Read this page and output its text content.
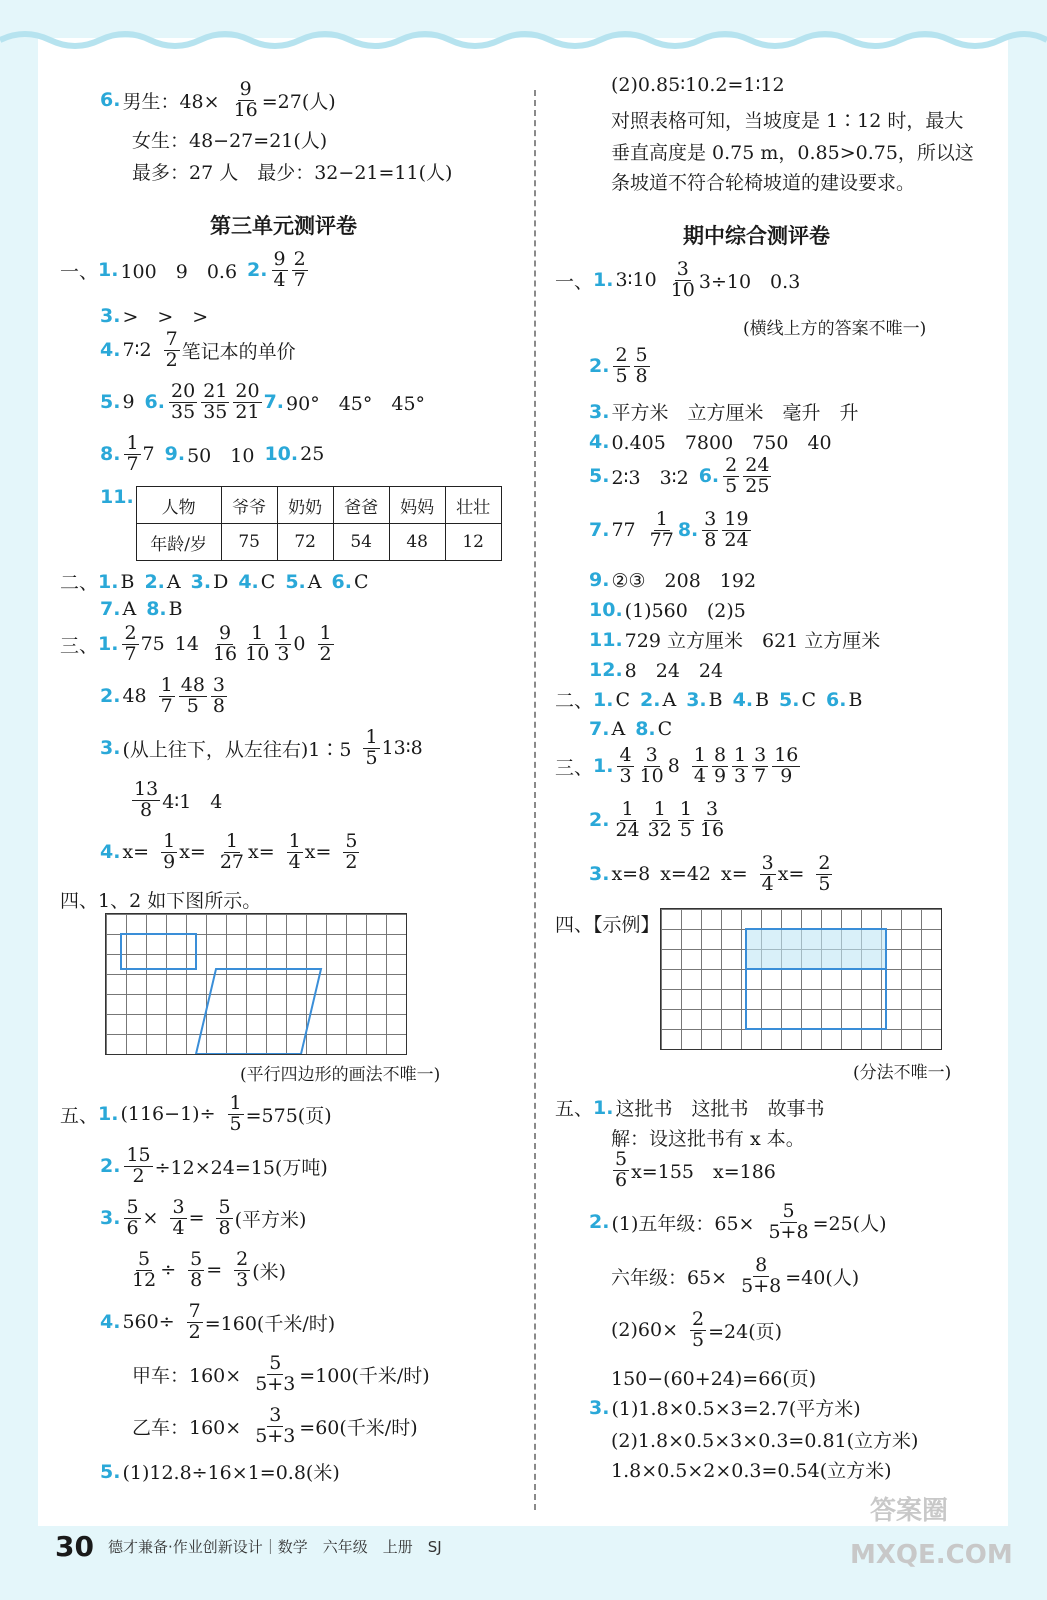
6. 男生：$48\times \frac{9}{16} =27$(人)
女生：48−27=21(人)
最多：27 人　最少：32−21=11(人)
第三单元测评卷
一、 1. 100　9　0.6 2. $\frac{9}{4} \frac{2}{7}$
3. >　>　>
4. 7∶2 $\frac{7}{2}$ 笔记本的单价
5. 9 6. $\frac{20}{35} \frac{21}{35} \frac{20}{21} 7$. 90°　45°　45°
8. $\frac{1}{7} 7$ 9. 50　10 10. 25
11. 人物	爷爷	奶奶	爸爸	妈妈	壮壮
年龄/岁	75	72	54	48	12
二、 1. B 2. A 3. D 4. C 5. A 6. C
7. A 8. B
三、 1. $\frac{2}{7} 75$ $14 \frac{9}{16} \frac{1}{10} \frac{1}{3} 0 \frac{1}{2}$
2. $48 \frac{1}{7} \frac{48}{5} \frac{3}{8}$
3. (从上往下，从左往右)1∶5 $\frac{1}{5}$ 13∶8
$\frac{13}{8}$ 4∶1　4
4. $x= \frac{1}{9} x= \frac{1}{27} x= \frac{1}{4} x= \frac{5}{2}$
四、1、2 如下图所示。
(平行四边形的画法不唯一)
五、 1. $(116-1)\div \frac{1}{5} =575$(页)
2. $\frac{15}{2} \div 12\times 24=15$(万吨)
3. $\frac{5}{6} \times \frac{3}{4} = \frac{5}{8}$ (平方米)
$\frac{5}{12} \div \frac{5}{8} = \frac{2}{3}$ (米)
4. $560\div \frac{7}{2} =160$(千米/时)
甲车：$160\times \frac{5}{5+3} =100$(千米/时)
乙车：$160\times \frac{3}{5+3} =60$(千米/时)
5. (1)12.8÷16×1=0.8(米)
(2)0.85∶10.2=1∶12
对照表格可知，当坡度是 1∶12 时，最大
垂直高度是 0.75 m，0.85>0.75，所以这
条坡道不符合轮椅坡道的建设要求。
期中综合测评卷
一、 1. 3∶10 $\frac{3}{10} 3\div 10$　0.3
(横线上方的答案不唯一)
2. $\frac{2}{5} \frac{5}{8}$
3. 平方米　立方厘米　毫升　升
4. 0.405　7800　750　40
5. 2∶3　3∶2 6. $\frac{2}{5} \frac{24}{25}$
7. $77 \frac{1}{77} 8$. $\frac{3}{8} \frac{19}{24}$
9. ②③　208　192
10. (1)560　(2)5
11. 729 立方厘米　621 立方厘米
12. 8　24　24
二、 1. C 2. A 3. B 4. B 5. C 6. B
7. A 8. C
三、 1. $\frac{4}{3} \frac{3}{10} 8 \frac{1}{4} \frac{8}{9} \frac{1}{3} \frac{3}{7} \frac{16}{9}$
2. $\frac{1}{24} \frac{1}{32} \frac{1}{5} \frac{3}{16}$
3. x=8 x=42 $x= \frac{3}{4} x= \frac{2}{5}$
四、【示例】
(分法不唯一)
五、 1. 这批书　这批书　故事书
解：设这批书有 x 本。
$\frac{5}{6} x=155$　x=186
2. (1)五年级：$65\times \frac{5}{5+8} =25$(人)
六年级：$65\times \frac{8}{5+8} =40$(人)
$(2)60\times \frac{2}{5} =24$(页)
150−(60+24)=66(页)
3. (1)1.8×0.5×3=2.7(平方米)
(2)1.8×0.5×3×0.3=0.81(立方米)
1.8×0.5×2×0.3=0.54(立方米)
30 德才兼备·作业创新设计｜数学　六年级　上册　SJ
答案圈
MXQE.COM
